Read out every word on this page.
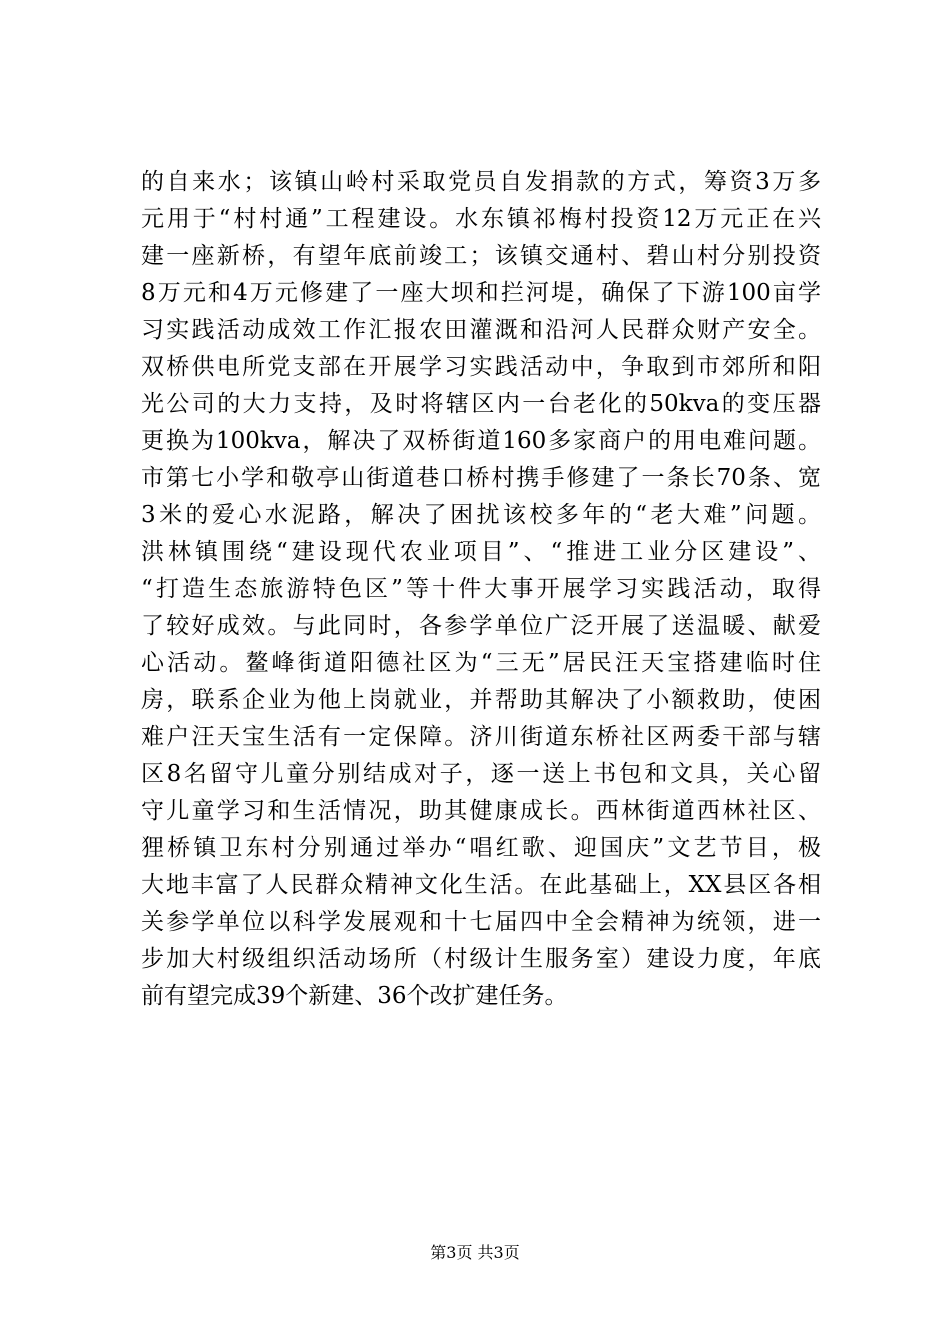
的自来水；该镇山岭村采取党员自发捐款的方式，筹资3万多
元用于“村村通”工程建设。水东镇祁梅村投资12万元正在兴
建一座新桥，有望年底前竣工；该镇交通村、碧山村分别投资
8万元和4万元修建了一座大坝和拦河堤，确保了下游100亩学
习实践活动成效工作汇报农田灌溉和沿河人民群众财产安全。
双桥供电所党支部在开展学习实践活动中，争取到市郊所和阳
光公司的大力支持，及时将辖区内一台老化的50kva的变压器
更换为100kva，解决了双桥街道160多家商户的用电难问题。
市第七小学和敬亭山街道巷口桥村携手修建了一条长70条、宽
3米的爱心水泥路，解决了困扰该校多年的“老大难”问题。
洪林镇围绕“建设现代农业项目”、“推进工业分区建设”、
“打造生态旅游特色区”等十件大事开展学习实践活动，取得
了较好成效。与此同时，各参学单位广泛开展了送温暖、献爱
心活动。鳌峰街道阳德社区为“三无”居民汪天宝搭建临时住
房，联系企业为他上岗就业，并帮助其解决了小额救助，使困
难户汪天宝生活有一定保障。济川街道东桥社区两委干部与辖
区8名留守儿童分别结成对子，逐一送上书包和文具，关心留
守儿童学习和生活情况，助其健康成长。西林街道西林社区、
狸桥镇卫东村分别通过举办“唱红歌、迎国庆”文艺节目，极
大地丰富了人民群众精神文化生活。在此基础上，XX县区各相
关参学单位以科学发展观和十七届四中全会精神为统领，进一
步加大村级组织活动场所（村级计生服务室）建设力度，年底
前有望完成39个新建、36个改扩建任务。
第3页 共3页
